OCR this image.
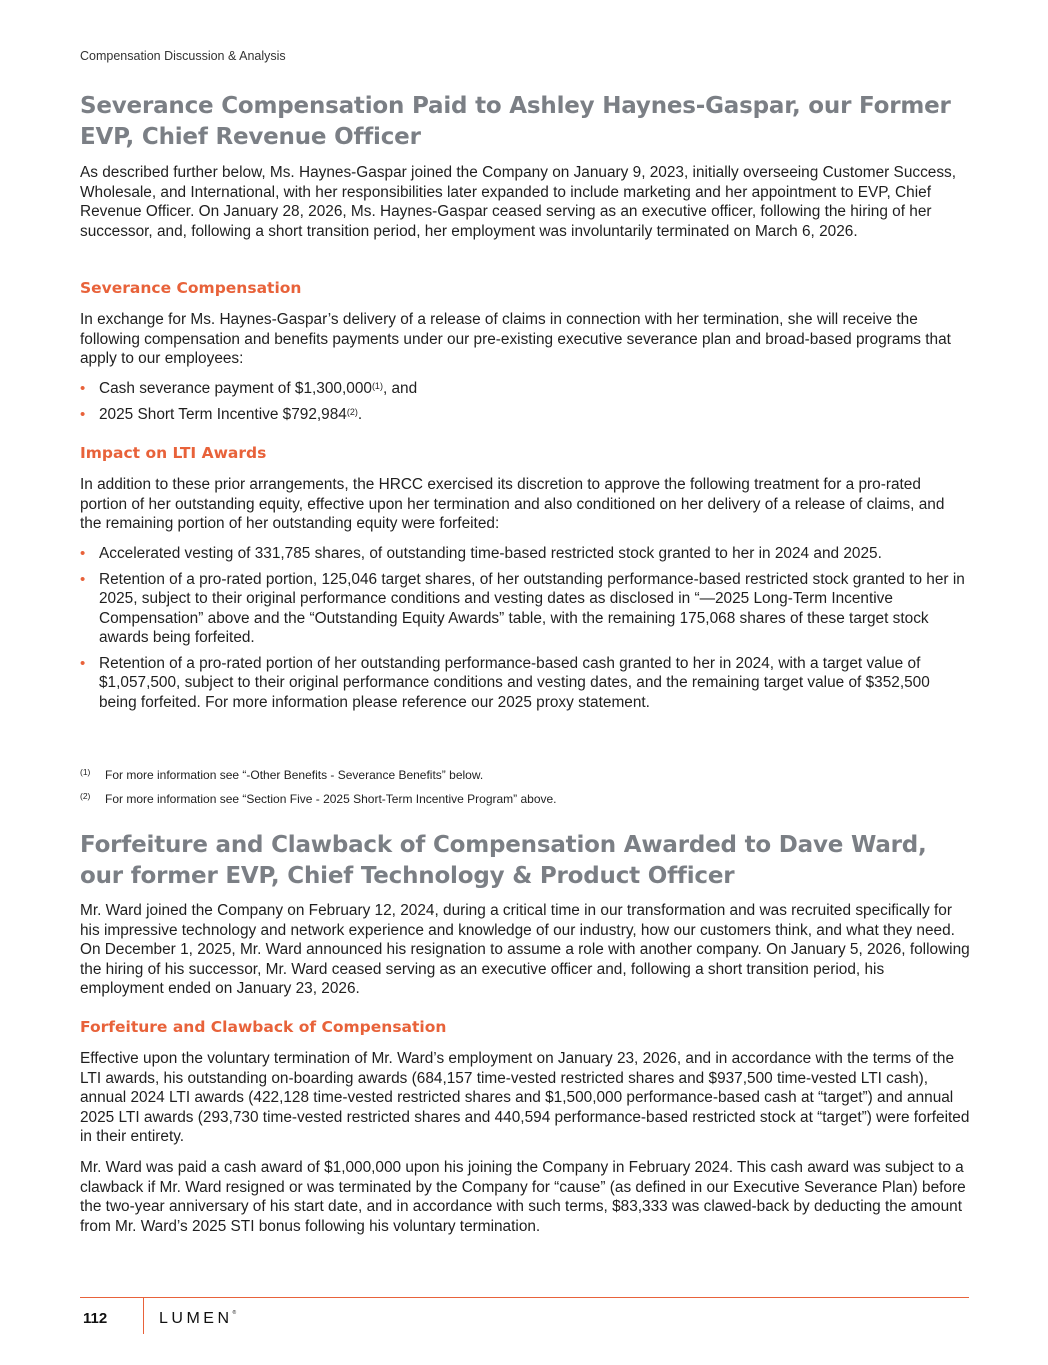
Compensation Discussion & Analysis
Severance Compensation Paid to Ashley Haynes-Gaspar, our Former
EVP, Chief Revenue Officer

As described further below, Ms. Haynes-Gaspar joined the Company on January 9, 2023, initially overseeing Customer Success, Wholesale, and International, with her responsibilities later expanded to include marketing and her appointment to EVP, Chief Revenue Officer. On January 28, 2026, Ms. Haynes-Gaspar ceased serving as an executive officer, following the hiring of her successor, and, following a short transition period, her employment was involuntarily terminated on March 6, 2026.

Severance Compensation

In exchange for Ms. Haynes-Gaspar’s delivery of a release of claims in connection with her termination, she will receive the following compensation and benefits payments under our pre-existing executive severance plan and broad-based programs that apply to our employees:

• Cash severance payment of $1,300,000$^{(1)}$, and
• 2025 Short Term Incentive $792,984$^{(2)}$.
Impact on LTI Awards

In addition to these prior arrangements, the HRCC exercised its discretion to approve the following treatment for a pro-rated portion of her outstanding equity, effective upon her termination and also conditioned on her delivery of a release of claims, and the remaining portion of her outstanding equity were forfeited:

• Accelerated vesting of 331,785 shares, of outstanding time-based restricted stock granted to her in 2024 and 2025.
• Retention of a pro-rated portion, 125,046 target shares, of her outstanding performance-based restricted stock granted to her in 2025, subject to their original performance conditions and vesting dates as disclosed in “—2025 Long-Term Incentive Compensation” above and the “Outstanding Equity Awards” table, with the remaining 175,068 shares of these target stock awards being forfeited.
• Retention of a pro-rated portion of her outstanding performance-based cash granted to her in 2024, with a target value of $1,057,500, subject to their original performance conditions and vesting dates, and the remaining target value of $352,500 being forfeited. For more information please reference our 2025 proxy statement.
(1) For more information see “-Other Benefits - Severance Benefits” below.
(2) For more information see “Section Five - 2025 Short-Term Incentive Program” above.
Forfeiture and Clawback of Compensation Awarded to Dave Ward,
our former EVP, Chief Technology & Product Officer

Mr. Ward joined the Company on February 12, 2024, during a critical time in our transformation and was recruited specifically for his impressive technology and network experience and knowledge of our industry, how our customers think, and what they need. On December 1, 2025, Mr. Ward announced his resignation to assume a role with another company. On January 5, 2026, following the hiring of his successor, Mr. Ward ceased serving as an executive officer and, following a short transition period, his employment ended on January 23, 2026.

Forfeiture and Clawback of Compensation

Effective upon the voluntary termination of Mr. Ward’s employment on January 23, 2026, and in accordance with the terms of the LTI awards, his outstanding on-boarding awards (684,157 time-vested restricted shares and $937,500 time-vested LTI cash), annual 2024 LTI awards (422,128 time-vested restricted shares and $1,500,000 performance-based cash at “target”) and annual 2025 LTI awards (293,730 time-vested restricted shares and 440,594 performance-based restricted stock at “target”) were forfeited in their entirety.

Mr. Ward was paid a cash award of $1,000,000 upon his joining the Company in February 2024. This cash award was subject to a clawback if Mr. Ward resigned or was terminated by the Company for “cause” (as defined in our Executive Severance Plan) before the two-year anniversary of his start date, and in accordance with such terms, $83,333 was clawed-back by deducting the amount from Mr. Ward’s 2025 STI bonus following his voluntary termination.

112	LUMEN®
